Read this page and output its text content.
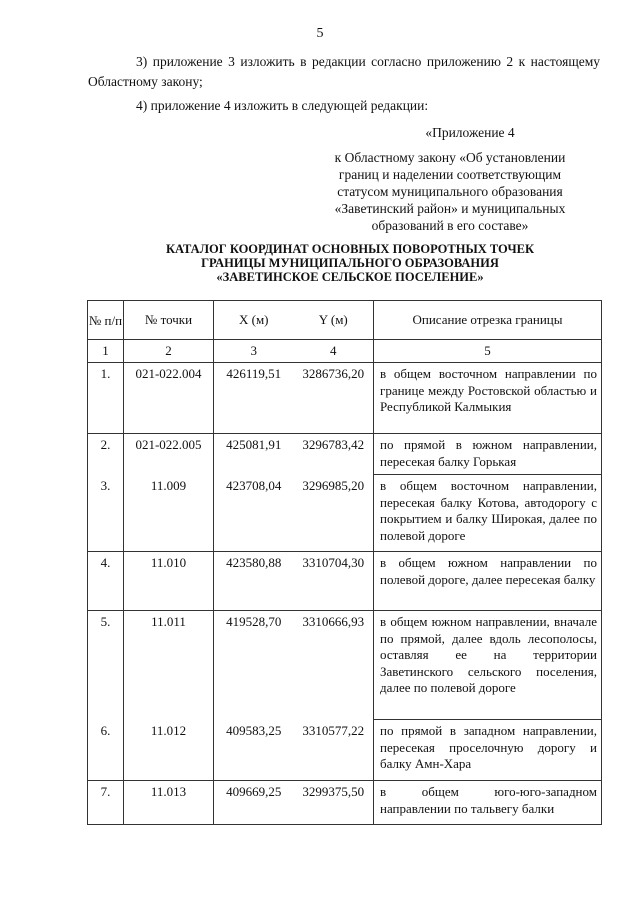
5

3) приложение 3 изложить в редакции согласно приложению 2 к настоящему Областному закону;

4) приложение 4 изложить в следующей редакции:

«Приложение 4
к Областному закону «Об установлении
границ и наделении соответствующим
статусом муниципального образования
«Заветинский район» и муниципальных
образований в его составе»
КАТАЛОГ КООРДИНАТ ОСНОВНЫХ ПОВОРОТНЫХ ТОЧЕК
ГРАНИЦЫ МУНИЦИПАЛЬНОГО ОБРАЗОВАНИЯ
«ЗАВЕТИНСКОЕ СЕЛЬСКОЕ ПОСЕЛЕНИЕ»
№ п/п	№ точки	X (м)	Y (м)	Описание отрезка границы
1	2	3	4	5
1.	021-022.004	426119,51	3286736,20	в общем восточном направлении по границе между Ростовской областью и Республикой Калмыкия
2.	021-022.005	425081,91	3296783,42	по прямой в южном направлении, пересекая балку Горькая
3.	11.009	423708,04	3296985,20	в общем восточном направлении, пересекая балку Котова, автодорогу с покрытием и балку Широкая, далее по полевой дороге
4.	11.010	423580,88	3310704,30	в общем южном направлении по полевой дороге, далее пересекая балку
5.	11.011	419528,70	3310666,93	в общем южном направлении, вначале по прямой, далее вдоль лесополосы, оставляя ее на территории Заветинского сельского поселения, далее по полевой дороге
6.	11.012	409583,25	3310577,22	по прямой в западном направлении, пересекая проселочную дорогу и балку Амн-Хара
7.	11.013	409669,25	3299375,50	в общем юго-юго-западном направлении по тальвегу балки
